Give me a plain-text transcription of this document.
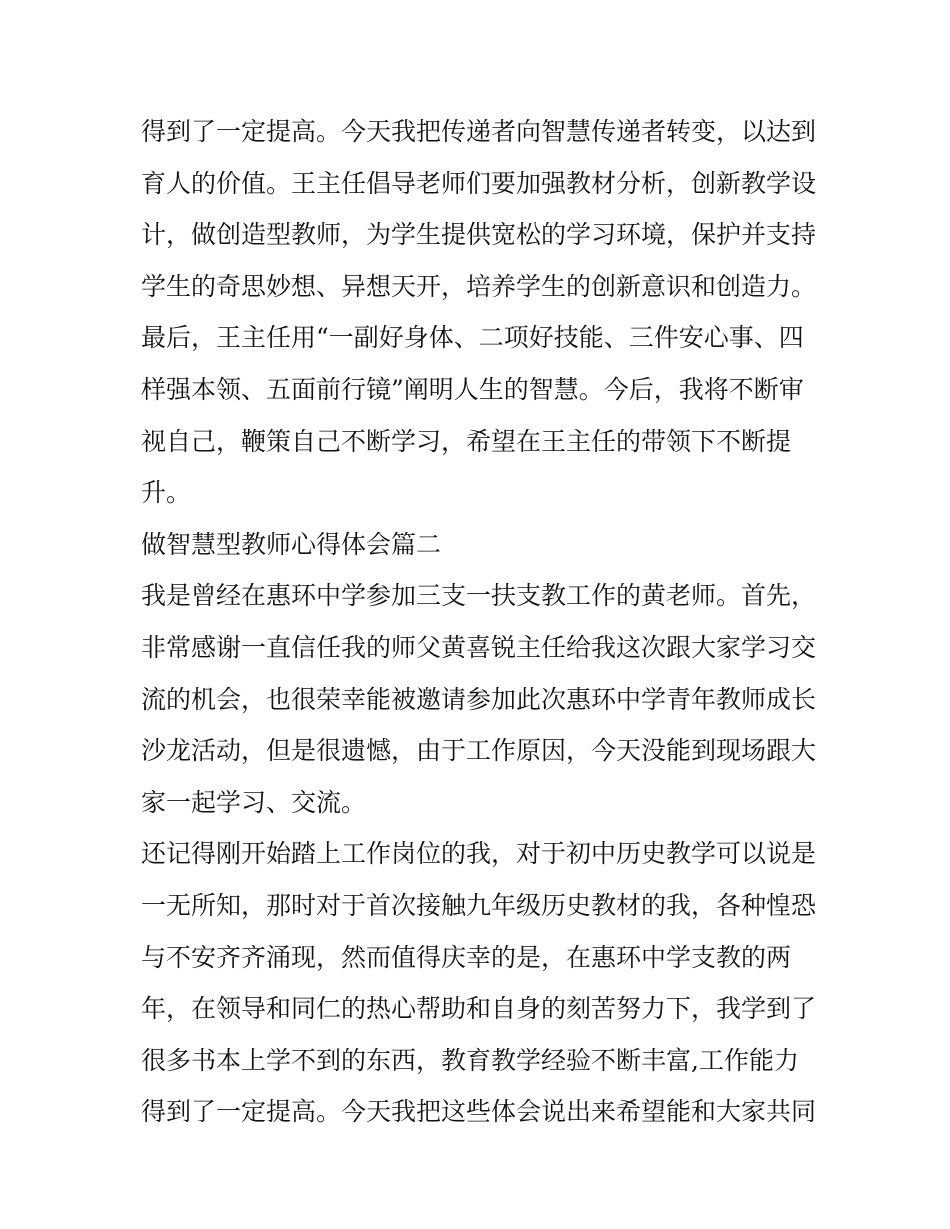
得到了一定提高。今天我把传递者向智慧传递者转变，以达到
育人的价值。王主任倡导老师们要加强教材分析，创新教学设
计，做创造型教师，为学生提供宽松的学习环境，保护并支持
学生的奇思妙想、异想天开，培养学生的创新意识和创造力。
最后，王主任用“一副好身体、二项好技能、三件安心事、四
样强本领、五面前行镜”阐明人生的智慧。今后，我将不断审
视自己，鞭策自己不断学习，希望在王主任的带领下不断提
升。
做智慧型教师心得体会篇二
我是曾经在惠环中学参加三支一扶支教工作的黄老师。首先，
非常感谢一直信任我的师父黄喜锐主任给我这次跟大家学习交
流的机会，也很荣幸能被邀请参加此次惠环中学青年教师成长
沙龙活动，但是很遗憾，由于工作原因，今天没能到现场跟大
家一起学习、交流。
还记得刚开始踏上工作岗位的我，对于初中历史教学可以说是
一无所知，那时对于首次接触九年级历史教材的我，各种惶恐
与不安齐齐涌现，然而值得庆幸的是，在惠环中学支教的两
年，在领导和同仁的热心帮助和自身的刻苦努力下，我学到了
很多书本上学不到的东西，教育教学经验不断丰富,工作能力
得到了一定提高。今天我把这些体会说出来希望能和大家共同
